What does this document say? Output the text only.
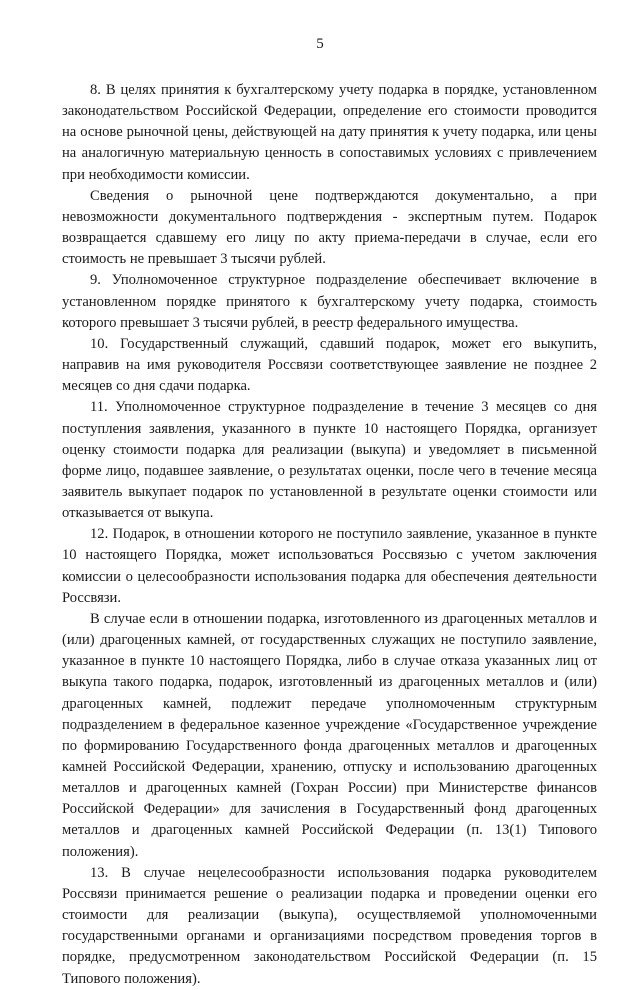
5

8. В целях принятия к бухгалтерскому учету подарка в порядке, установленном законодательством Российской Федерации, определение его стоимости проводится на основе рыночной цены, действующей на дату принятия к учету подарка, или цены на аналогичную материальную ценность в сопоставимых условиях с привлечением при необходимости комиссии.

Сведения о рыночной цене подтверждаются документально, а при невозможности документального подтверждения - экспертным путем. Подарок возвращается сдавшему его лицу по акту приема-передачи в случае, если его стоимость не превышает 3 тысячи рублей.

9. Уполномоченное структурное подразделение обеспечивает включение в установленном порядке принятого к бухгалтерскому учету подарка, стоимость которого превышает 3 тысячи рублей, в реестр федерального имущества.

10. Государственный служащий, сдавший подарок, может его выкупить, направив на имя руководителя Россвязи соответствующее заявление не позднее 2 месяцев со дня сдачи подарка.

11. Уполномоченное структурное подразделение в течение 3 месяцев со дня поступления заявления, указанного в пункте 10 настоящего Порядка, организует оценку стоимости подарка для реализации (выкупа) и уведомляет в письменной форме лицо, подавшее заявление, о результатах оценки, после чего в течение месяца заявитель выкупает подарок по установленной в результате оценки стоимости или отказывается от выкупа.

12. Подарок, в отношении которого не поступило заявление, указанное в пункте 10 настоящего Порядка, может использоваться Россвязью с учетом заключения комиссии о целесообразности использования подарка для обеспечения деятельности Россвязи.

В случае если в отношении подарка, изготовленного из драгоценных металлов и (или) драгоценных камней, от государственных служащих не поступило заявление, указанное в пункте 10 настоящего Порядка, либо в случае отказа указанных лиц от выкупа такого подарка, подарок, изготовленный из драгоценных металлов и (или) драгоценных камней, подлежит передаче уполномоченным структурным подразделением в федеральное казенное учреждение «Государственное учреждение по формированию Государственного фонда драгоценных металлов и драгоценных камней Российской Федерации, хранению, отпуску и использованию драгоценных металлов и драгоценных камней (Гохран России) при Министерстве финансов Российской Федерации» для зачисления в Государственный фонд драгоценных металлов и драгоценных камней Российской Федерации (п. 13(1) Типового положения).

13. В случае нецелесообразности использования подарка руководителем Россвязи принимается решение о реализации подарка и проведении оценки его стоимости для реализации (выкупа), осуществляемой уполномоченными государственными органами и организациями посредством проведения торгов в порядке, предусмотренном законодательством Российской Федерации (п. 15 Типового положения).
